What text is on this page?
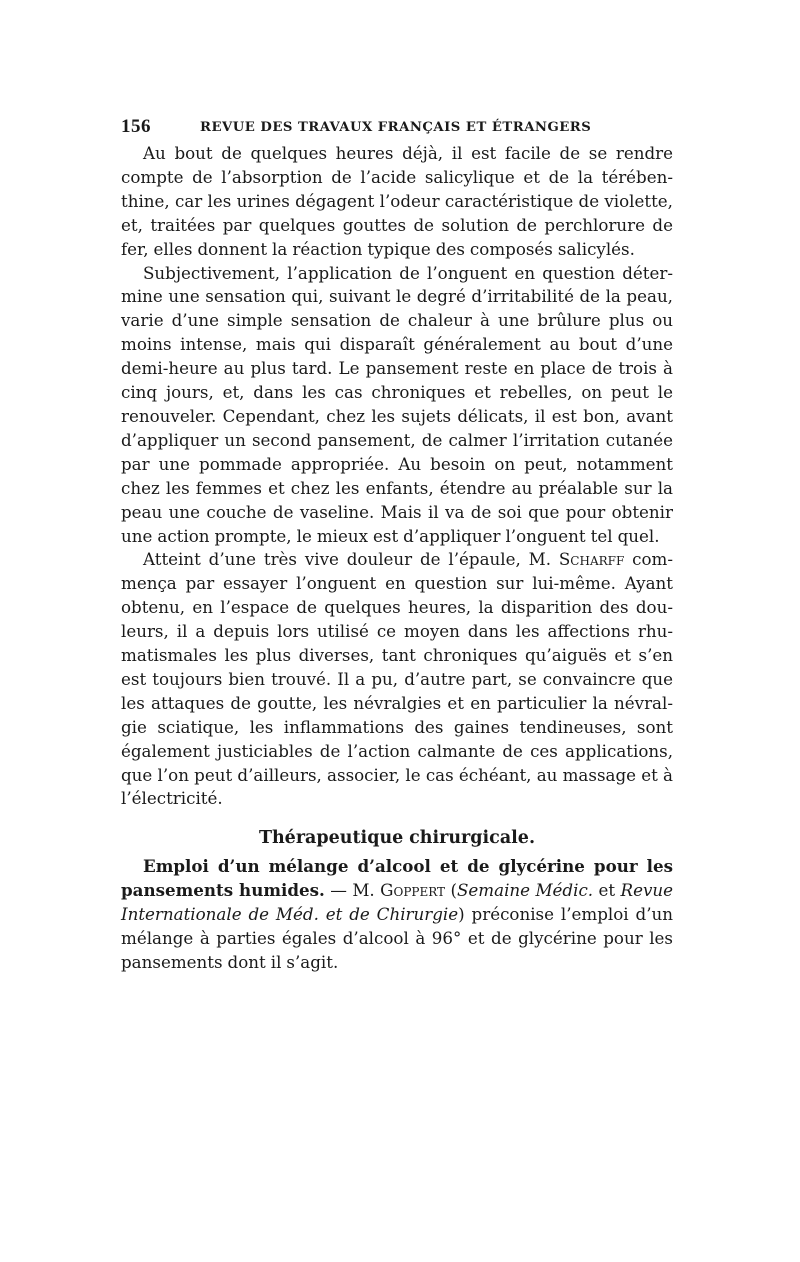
156	REVUE DES TRAVAUX FRANÇAIS ET ÉTRANGERS

Au bout de quelques heures déjà, il est facile de se rendre compte de l’absorption de l’acide salicylique et de la térébenthine, car les urines dégagent l’odeur caractéristique de violette, et, traitées par quelques gouttes de solution de perchlorure de fer, elles donnent la réaction typique des composés salicylés.

Subjectivement, l’application de l’onguent en question détermine une sensation qui, suivant le degré d’irritabilité de la peau, varie d’une simple sensation de chaleur à une brûlure plus ou moins intense, mais qui disparaît généralement au bout d’une demi-heure au plus tard. Le pansement reste en place de trois à cinq jours, et, dans les cas chroniques et rebelles, on peut le renouveler. Cependant, chez les sujets délicats, il est bon, avant d’appliquer un second pansement, de calmer l’irritation cutanée par une pommade appropriée. Au besoin on peut, notamment chez les femmes et chez les enfants, étendre au préalable sur la peau une couche de vaseline. Mais il va de soi que pour obtenir une action prompte, le mieux est d’appliquer l’onguent tel quel.

Atteint d’une très vive douleur de l’épaule, M. Scharff commença par essayer l’onguent en question sur lui-même. Ayant obtenu, en l’espace de quelques heures, la disparition des douleurs, il a depuis lors utilisé ce moyen dans les affections rhumatismales les plus diverses, tant chroniques qu’aiguës et s’en est toujours bien trouvé. Il a pu, d’autre part, se convaincre que les attaques de goutte, les névralgies et en particulier la névralgie sciatique, les inflammations des gaines tendineuses, sont également justiciables de l’action calmante de ces applications, que l’on peut d’ailleurs, associer, le cas échéant, au massage et à l’électricité.

Thérapeutique chirurgicale.
Emploi d’un mélange d’alcool et de glycérine pour les pansements humides. — M. Goppert (Semaine Médic. et Revue Internationale de Méd. et de Chirurgie) préconise l’emploi d’un mélange à parties égales d’alcool à 96° et de glycérine pour les pansements dont il s’agit.
